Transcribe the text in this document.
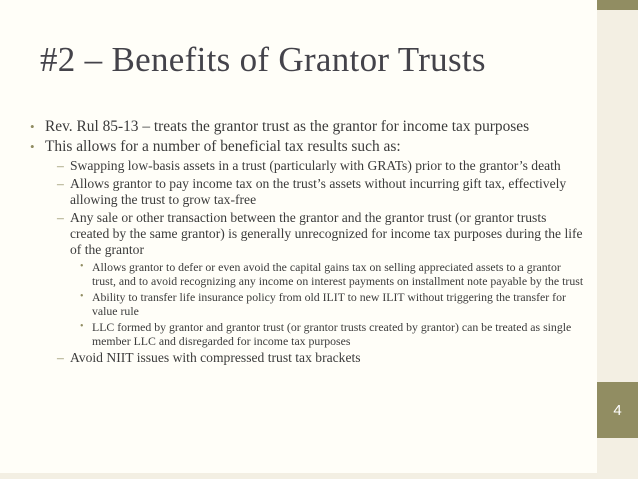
4
#2 – Benefits of Grantor Trusts
• Rev. Rul 85-13 – treats the grantor trust as the grantor for income tax purposes
• This allows for a number of beneficial tax results such as:
– Swapping low-basis assets in a trust (particularly with GRATs) prior to the grantor’s death
– Allows grantor to pay income tax on the trust’s assets without incurring gift tax, effectively allowing the trust to grow tax-free
– Any sale or other transaction between the grantor and the grantor trust (or grantor trusts created by the same grantor) is generally unrecognized for income tax purposes during the life of the grantor
• Allows grantor to defer or even avoid the capital gains tax on selling appreciated assets to a grantor trust, and to avoid recognizing any income on interest payments on installment note payable by the trust
• Ability to transfer life insurance policy from old ILIT to new ILIT without triggering the transfer for value rule
• LLC formed by grantor and grantor trust (or grantor trusts created by grantor) can be treated as single member LLC and disregarded for income tax purposes
– Avoid NIIT issues with compressed trust tax brackets
